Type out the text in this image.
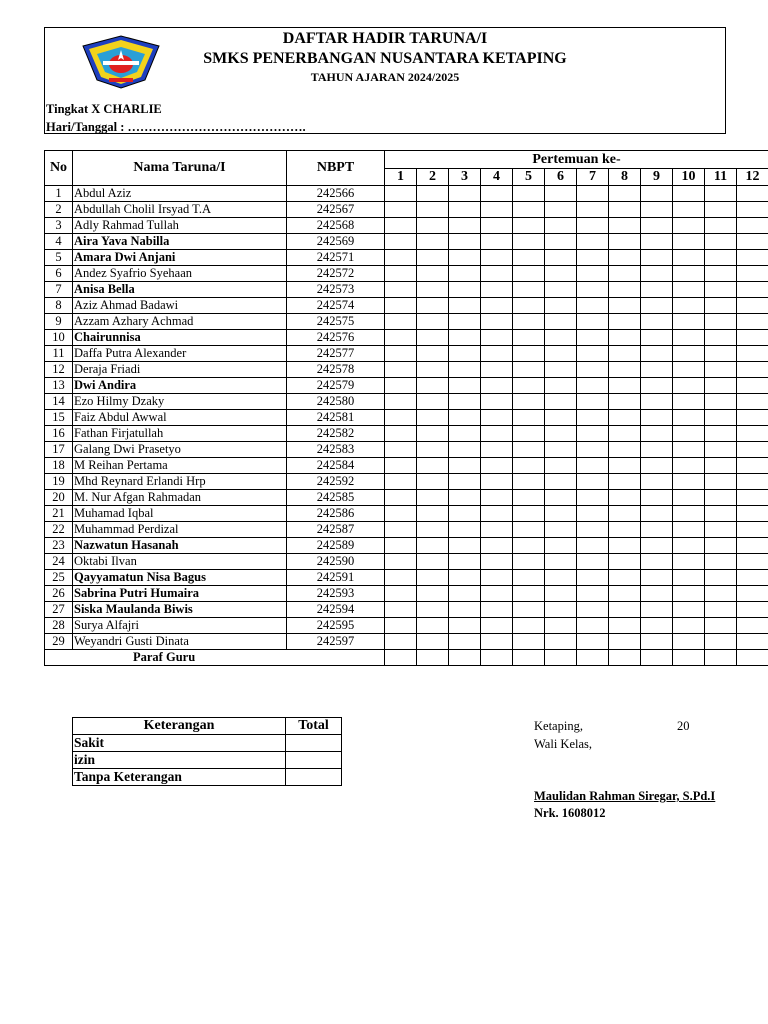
DAFTAR HADIR TARUNA/I
SMKS PENERBANGAN NUSANTARA KETAPING
TAHUN AJARAN 2024/2025
Tingkat X CHARLIE
Hari/Tanggal : …………………………………….
No	Nama Taruna/I	NBPT	Pertemuan ke-											
			1	2	3	4	5	6	7	8	9	10	11	12
1	Abdul Aziz	242566												
2	Abdullah Cholil Irsyad T.A	242567												
3	Adly Rahmad Tullah	242568												
4	Aira Yava Nabilla	242569												
5	Amara Dwi Anjani	242571												
6	Andez Syafrio Syehaan	242572												
7	Anisa Bella	242573												
8	Aziz Ahmad Badawi	242574												
9	Azzam Azhary Achmad	242575												
10	Chairunnisa	242576												
11	Daffa Putra Alexander	242577												
12	Deraja Friadi	242578												
13	Dwi Andira	242579												
14	Ezo Hilmy Dzaky	242580												
15	Faiz Abdul Awwal	242581												
16	Fathan Firjatullah	242582												
17	Galang Dwi Prasetyo	242583												
18	M Reihan Pertama	242584												
19	Mhd Reynard Erlandi Hrp	242592												
20	M. Nur Afgan Rahmadan	242585												
21	Muhamad Iqbal	242586												
22	Muhammad Perdizal	242587												
23	Nazwatun Hasanah	242589												
24	Oktabi Ilvan	242590												
25	Qayyamatun Nisa Bagus	242591												
26	Sabrina Putri Humaira	242593												
27	Siska Maulanda Biwis	242594												
28	Surya Alfajri	242595												
29	Weyandri Gusti Dinata	242597												
Paraf Guru														
Keterangan	Total
Sakit	
izin	
Tanpa Keterangan	
Ketaping,	20
Wali Kelas,
Maulidan Rahman Siregar, S.Pd.I
Nrk. 1608012
